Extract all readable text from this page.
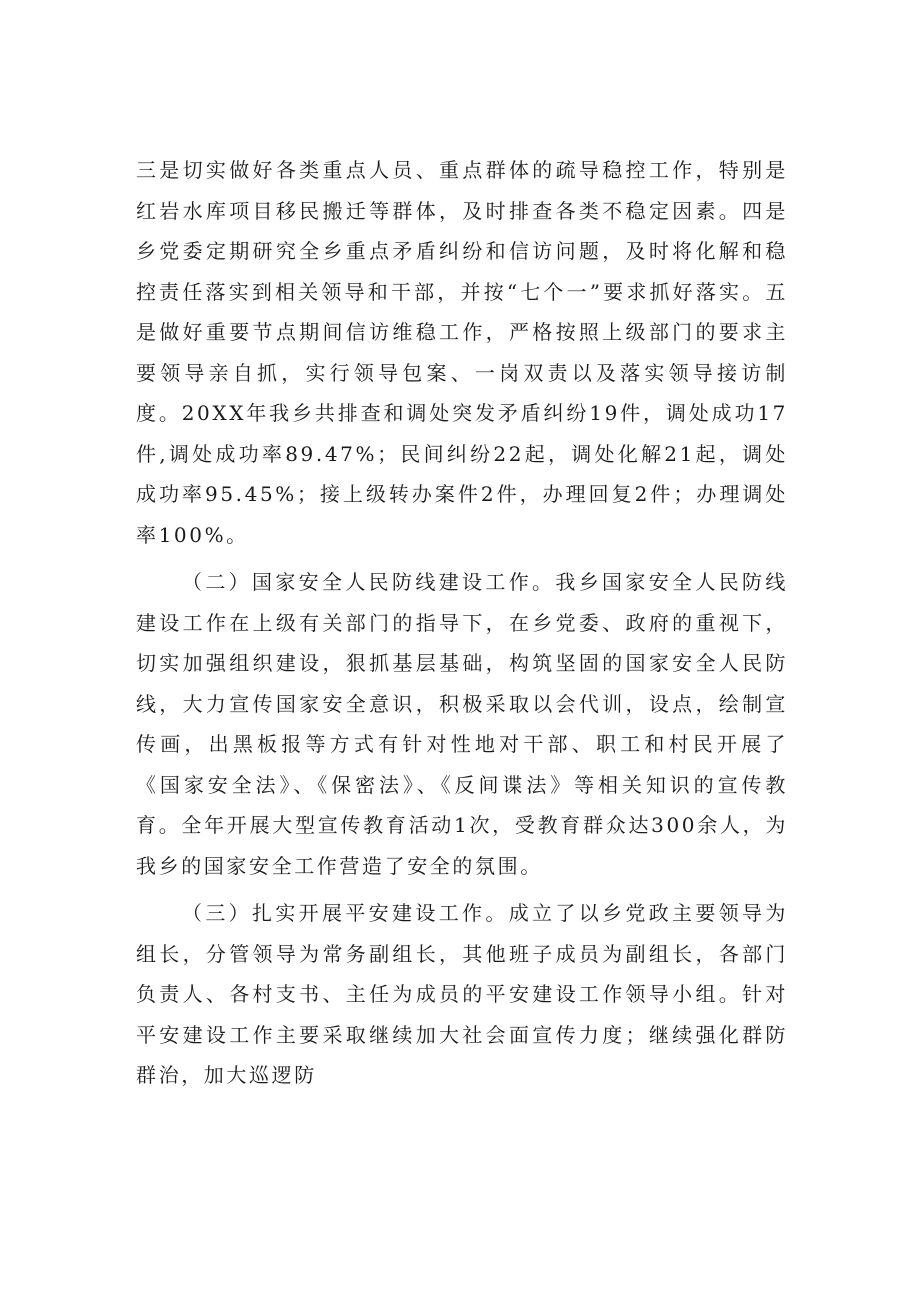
三是切实做好各类重点人员、重点群体的疏导稳控工作，特别是红岩水库项目移民搬迁等群体，及时排查各类不稳定因素。四是乡党委定期研究全乡重点矛盾纠纷和信访问题，及时将化解和稳控责任落实到相关领导和干部，并按“七个一”要求抓好落实。五是做好重要节点期间信访维稳工作，严格按照上级部门的要求主要领导亲自抓，实行领导包案、一岗双责以及落实领导接访制度。20XX年我乡共排查和调处突发矛盾纠纷19件，调处成功17件,调处成功率89.47%；民间纠纷22起，调处化解21起，调处成功率95.45%；接上级转办案件2件，办理回复2件；办理调处率100%。

（二）国家安全人民防线建设工作。我乡国家安全人民防线建设工作在上级有关部门的指导下，在乡党委、政府的重视下，切实加强组织建设，狠抓基层基础，构筑坚固的国家安全人民防线，大力宣传国家安全意识，积极采取以会代训，设点，绘制宣传画，出黑板报等方式有针对性地对干部、职工和村民开展了《国家安全法》、《保密法》、《反间谍法》等相关知识的宣传教育。全年开展大型宣传教育活动1次，受教育群众达300余人，为我乡的国家安全工作营造了安全的氛围。

（三）扎实开展平安建设工作。成立了以乡党政主要领导为组长，分管领导为常务副组长，其他班子成员为副组长，各部门负责人、各村支书、主任为成员的平安建设工作领导小组。针对平安建设工作主要采取继续加大社会面宣传力度；继续强化群防群治，加大巡逻防
